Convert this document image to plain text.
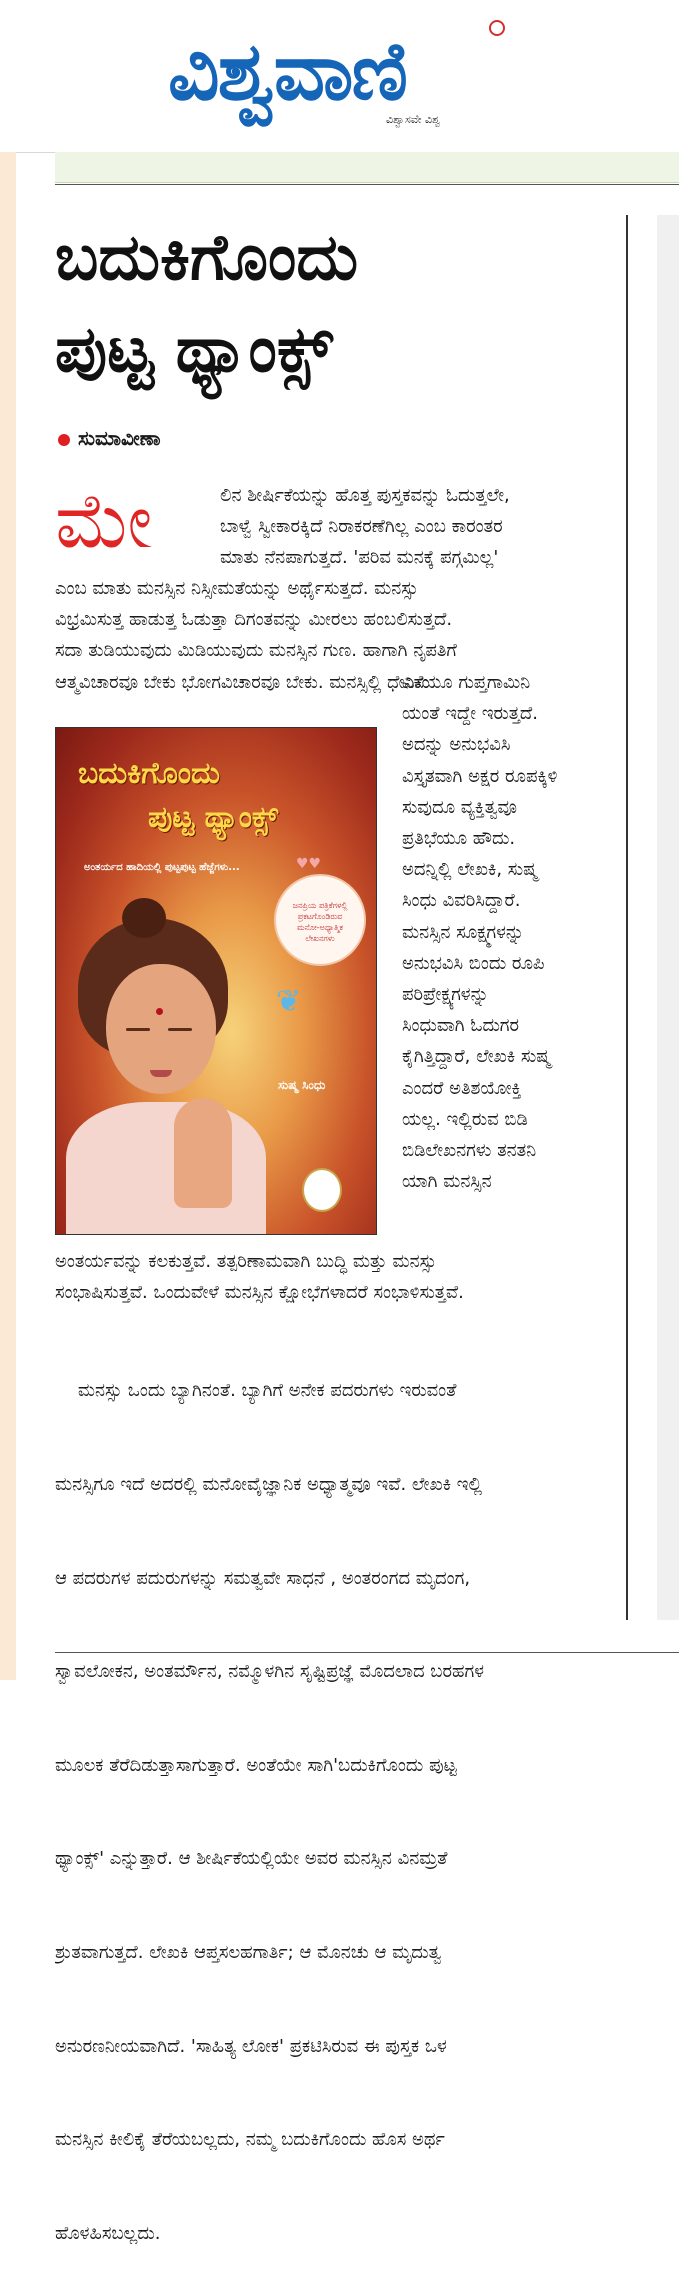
ವಿಶ್ವವಾಣಿ
ವಿಶ್ವಾಸವೇ ವಿಶ್ವ
ಬದುಕಿಗೊಂದು
ಪುಟ್ಟ ಥ್ಯಾಂಕ್ಸ್
ಸುಮಾವೀಣಾ
ಮೇ	ಲಿನ ಶೀರ್ಷಿಕೆಯನ್ನು ಹೊತ್ತ ಪುಸ್ತಕವನ್ನು ಓದುತ್ತಲೇ,
ಬಾಳ್ವೆ ಸ್ವೀಕಾರಕ್ಕಿದೆ ನಿರಾಕರಣೆಗಿಲ್ಲ ಎಂಬ ಕಾರಂತರ
ಮಾತು ನೆನಪಾಗುತ್ತದೆ. 'ಪರಿವ ಮನಕ್ಕೆ ಪಗ್ಗಮಿಲ್ಲ'
ಎಂಬ ಮಾತು ಮನಸ್ಸಿನ ನಿಸ್ಸೀಮತೆಯನ್ನು ಅರ್ಥೈಸುತ್ತದೆ. ಮನಸ್ಸು
ವಿಭ್ರಮಿಸುತ್ತ ಹಾಡುತ್ತ ಓಡುತ್ತಾ ದಿಗಂತವನ್ನು ಮೀರಲು ಹಂಬಲಿಸುತ್ತದೆ.
ಸದಾ ತುಡಿಯುವುದು ಮಿಡಿಯುವುದು ಮನಸ್ಸಿನ ಗುಣ. ಹಾಗಾಗಿ ನೃಪತಿಗೆ
ಆತ್ಮವಿಚಾರವೂ ಬೇಕು ಭೋಗವಿಚಾರವೂ ಬೇಕು. ಮನಸ್ಸಿಲ್ಲಿ ಧೇನಿಸು
ವಿಕೆಯೂ ಗುಪ್ತಗಾಮಿನಿ
ಯಂತೆ ಇದ್ದೇ ಇರುತ್ತದೆ.
ಅದನ್ನು ಅನುಭವಿಸಿ
ವಿಸ್ತೃತವಾಗಿ ಅಕ್ಷರ ರೂಪಕ್ಕಿಳಿ
ಸುವುದೂ ವ್ಯಕ್ತಿತ್ವವೂ
ಪ್ರತಿಭೆಯೂ ಹೌದು.
ಅದನ್ನಿಲ್ಲಿ ಲೇಖಕಿ, ಸುಷ್ಮ
ಸಿಂಧು ವಿವರಿಸಿದ್ದಾರೆ.
ಮನಸ್ಸಿನ ಸೂಕ್ಷ್ಮಗಳನ್ನು
ಅನುಭವಿಸಿ ಬಿಂದು ರೂಪಿ
ಪರಿಪ್ರೇಕ್ಷ್ಯಗಳನ್ನು
ಸಿಂಧುವಾಗಿ ಓದುಗರ
ಕೈಗಿತ್ತಿದ್ದಾರೆ, ಲೇಖಕಿ ಸುಷ್ಮ
ಎಂದರೆ ಅತಿಶಯೋಕ್ತಿ
ಯಲ್ಲ. ಇಲ್ಲಿರುವ ಬಿಡಿ
ಬಿಡಿಲೇಖನಗಳು ತನತನಿ
ಯಾಗಿ ಮನಸ್ಸಿನ
ಬದುಕಿಗೊಂದು
ಪುಟ್ಟ ಥ್ಯಾಂಕ್ಸ್
ಅಂತರ್ಯದ ಹಾದಿಯಲ್ಲಿ ಪುಟ್ಟಪುಟ್ಟ ಹೆಜ್ಜೆಗಳು...	♥♥
ಜನಪ್ರಿಯ ಪತ್ರಿಕೆಗಳಲ್ಲಿ
ಪ್ರಕಟಗೊಂಡಿರುವ
ಮನೋ-ಅಧ್ಯಾತ್ಮಿಕ
ಲೇಖನಗಳು
❦
ಸುಷ್ಮ ಸಿಂಧು
ಅಂತರ್ಯವನ್ನು ಕಲಕುತ್ತವೆ. ತತ್ಪರಿಣಾಮವಾಗಿ ಬುದ್ಧಿ ಮತ್ತು ಮನಸ್ಸು
ಸಂಭಾಷಿಸುತ್ತವೆ. ಒಂದುವೇಳೆ ಮನಸ್ಸಿನ ಕ್ಷೋಭೆಗಳಾದರೆ ಸಂಭಾಳಿಸುತ್ತವೆ.

ಮನಸ್ಸು ಒಂದು ಬ್ಯಾಗಿನಂತೆ. ಬ್ಯಾಗಿಗೆ ಅನೇಕ ಪದರುಗಳು ಇರುವಂತೆ

ಮನಸ್ಸಿಗೂ ಇದೆ ಅದರಲ್ಲಿ ಮನೋವೈಜ್ಞಾನಿಕ ಅಧ್ಯಾತ್ಮವೂ ಇವೆ. ಲೇಖಕಿ ಇಲ್ಲಿ

ಆ ಪದರುಗಳ ಪದುರುಗಳನ್ನು ಸಮತ್ವವೇ ಸಾಧನೆ , ಅಂತರಂಗದ ಮೃದಂಗ,

ಸ್ವಾವಲೋಕನ, ಅಂತರ್ಮೌನ, ನಮ್ಮೊಳಗಿನ ಸೃಷ್ಟಿಪ್ರಜ್ಞೆ ಮೊದಲಾದ ಬರಹಗಳ

ಮೂಲಕ ತೆರೆದಿಡುತ್ತಾಸಾಗುತ್ತಾರೆ. ಅಂತೆಯೇ ಸಾಗಿ'ಬದುಕಿಗೊಂದು ಪುಟ್ಟ

ಥ್ಯಾಂಕ್ಸ್' ಎನ್ನುತ್ತಾರೆ. ಆ ಶೀರ್ಷಿಕೆಯಲ್ಲಿಯೇ ಅವರ ಮನಸ್ಸಿನ ವಿನಮ್ರತೆ

ಶ್ರುತವಾಗುತ್ತದೆ. ಲೇಖಕಿ ಆಪ್ತಸಲಹಗಾರ್ತಿ; ಆ ಮೊನಚು ಆ ಮೃದುತ್ವ

ಅನುರಣನೀಯವಾಗಿದೆ. 'ಸಾಹಿತ್ಯ ಲೋಕ' ಪ್ರಕಟಿಸಿರುವ ಈ ಪುಸ್ತಕ ಒಳ

ಮನಸ್ಸಿನ ಕೀಲಿಕೈ ತೆರೆಯಬಲ್ಲದು, ನಮ್ಮ ಬದುಕಿಗೊಂದು ಹೊಸ ಅರ್ಥ

ಹೊಳಹಿಸಬಲ್ಲದು.
